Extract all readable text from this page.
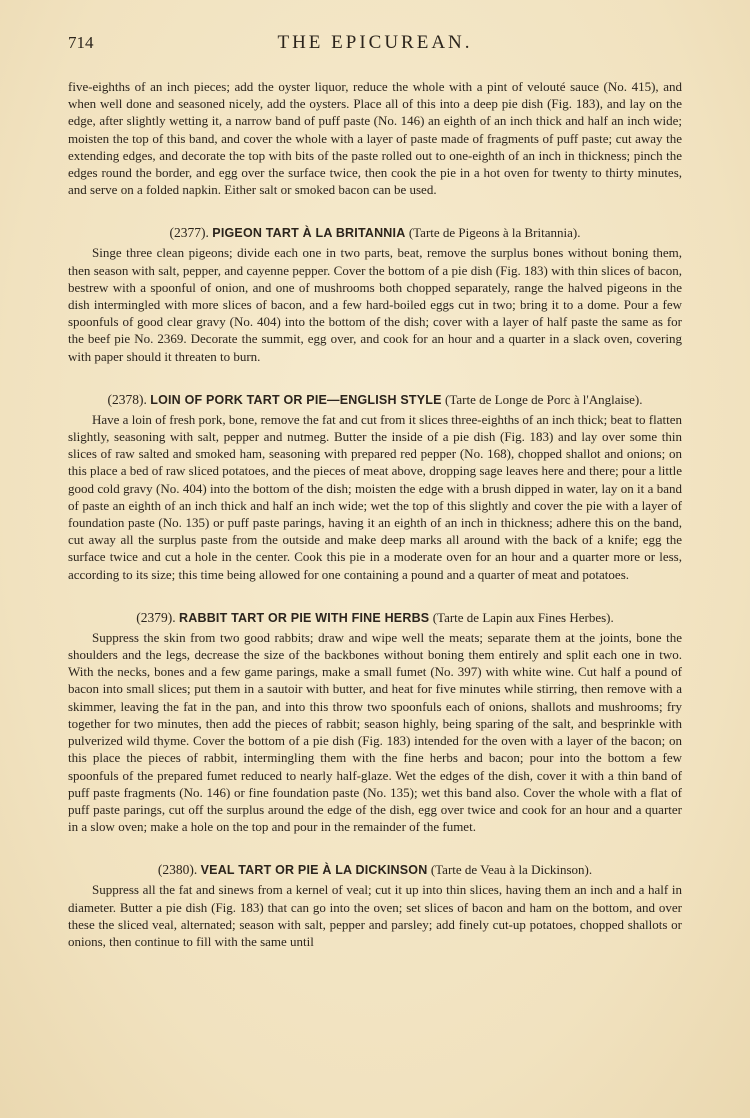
714	THE EPICUREAN.

five-eighths of an inch pieces; add the oyster liquor, reduce the whole with a pint of velouté sauce (No. 415), and when well done and seasoned nicely, add the oysters. Place all of this into a deep pie dish (Fig. 183), and lay on the edge, after slightly wetting it, a narrow band of puff paste (No. 146) an eighth of an inch thick and half an inch wide; moisten the top of this band, and cover the whole with a layer of paste made of fragments of puff paste; cut away the extending edges, and decorate the top with bits of the paste rolled out to one-eighth of an inch in thickness; pinch the edges round the border, and egg over the surface twice, then cook the pie in a hot oven for twenty to thirty minutes, and serve on a folded napkin. Either salt or smoked bacon can be used.

(2377). PIGEON TART À LA BRITANNIA (Tarte de Pigeons à la Britannia).

Singe three clean pigeons; divide each one in two parts, beat, remove the surplus bones without boning them, then season with salt, pepper, and cayenne pepper. Cover the bottom of a pie dish (Fig. 183) with thin slices of bacon, bestrew with a spoonful of onion, and one of mushrooms both chopped separately, range the halved pigeons in the dish intermingled with more slices of bacon, and a few hard-boiled eggs cut in two; bring it to a dome. Pour a few spoonfuls of good clear gravy (No. 404) into the bottom of the dish; cover with a layer of half paste the same as for the beef pie No. 2369. Decorate the summit, egg over, and cook for an hour and a quarter in a slack oven, covering with paper should it threaten to burn.

(2378). LOIN OF PORK TART OR PIE—ENGLISH STYLE (Tarte de Longe de Porc à l'Anglaise).

Have a loin of fresh pork, bone, remove the fat and cut from it slices three-eighths of an inch thick; beat to flatten slightly, seasoning with salt, pepper and nutmeg. Butter the inside of a pie dish (Fig. 183) and lay over some thin slices of raw salted and smoked ham, seasoning with prepared red pepper (No. 168), chopped shallot and onions; on this place a bed of raw sliced potatoes, and the pieces of meat above, dropping sage leaves here and there; pour a little good cold gravy (No. 404) into the bottom of the dish; moisten the edge with a brush dipped in water, lay on it a band of paste an eighth of an inch thick and half an inch wide; wet the top of this slightly and cover the pie with a layer of foundation paste (No. 135) or puff paste parings, having it an eighth of an inch in thickness; adhere this on the band, cut away all the surplus paste from the outside and make deep marks all around with the back of a knife; egg the surface twice and cut a hole in the center. Cook this pie in a moderate oven for an hour and a quarter more or less, according to its size; this time being allowed for one containing a pound and a quarter of meat and potatoes.

(2379). RABBIT TART OR PIE WITH FINE HERBS (Tarte de Lapin aux Fines Herbes).

Suppress the skin from two good rabbits; draw and wipe well the meats; separate them at the joints, bone the shoulders and the legs, decrease the size of the backbones without boning them entirely and split each one in two. With the necks, bones and a few game parings, make a small fumet (No. 397) with white wine. Cut half a pound of bacon into small slices; put them in a sautoir with butter, and heat for five minutes while stirring, then remove with a skimmer, leaving the fat in the pan, and into this throw two spoonfuls each of onions, shallots and mushrooms; fry together for two minutes, then add the pieces of rabbit; season highly, being sparing of the salt, and besprinkle with pulverized wild thyme. Cover the bottom of a pie dish (Fig. 183) intended for the oven with a layer of the bacon; on this place the pieces of rabbit, intermingling them with the fine herbs and bacon; pour into the bottom a few spoonfuls of the prepared fumet reduced to nearly half-glaze. Wet the edges of the dish, cover it with a thin band of puff paste fragments (No. 146) or fine foundation paste (No. 135); wet this band also. Cover the whole with a flat of puff paste parings, cut off the surplus around the edge of the dish, egg over twice and cook for an hour and a quarter in a slow oven; make a hole on the top and pour in the remainder of the fumet.

(2380). VEAL TART OR PIE À LA DICKINSON (Tarte de Veau à la Dickinson).

Suppress all the fat and sinews from a kernel of veal; cut it up into thin slices, having them an inch and a half in diameter. Butter a pie dish (Fig. 183) that can go into the oven; set slices of bacon and ham on the bottom, and over these the sliced veal, alternated; season with salt, pepper and parsley; add finely cut-up potatoes, chopped shallots or onions, then continue to fill with the same until
